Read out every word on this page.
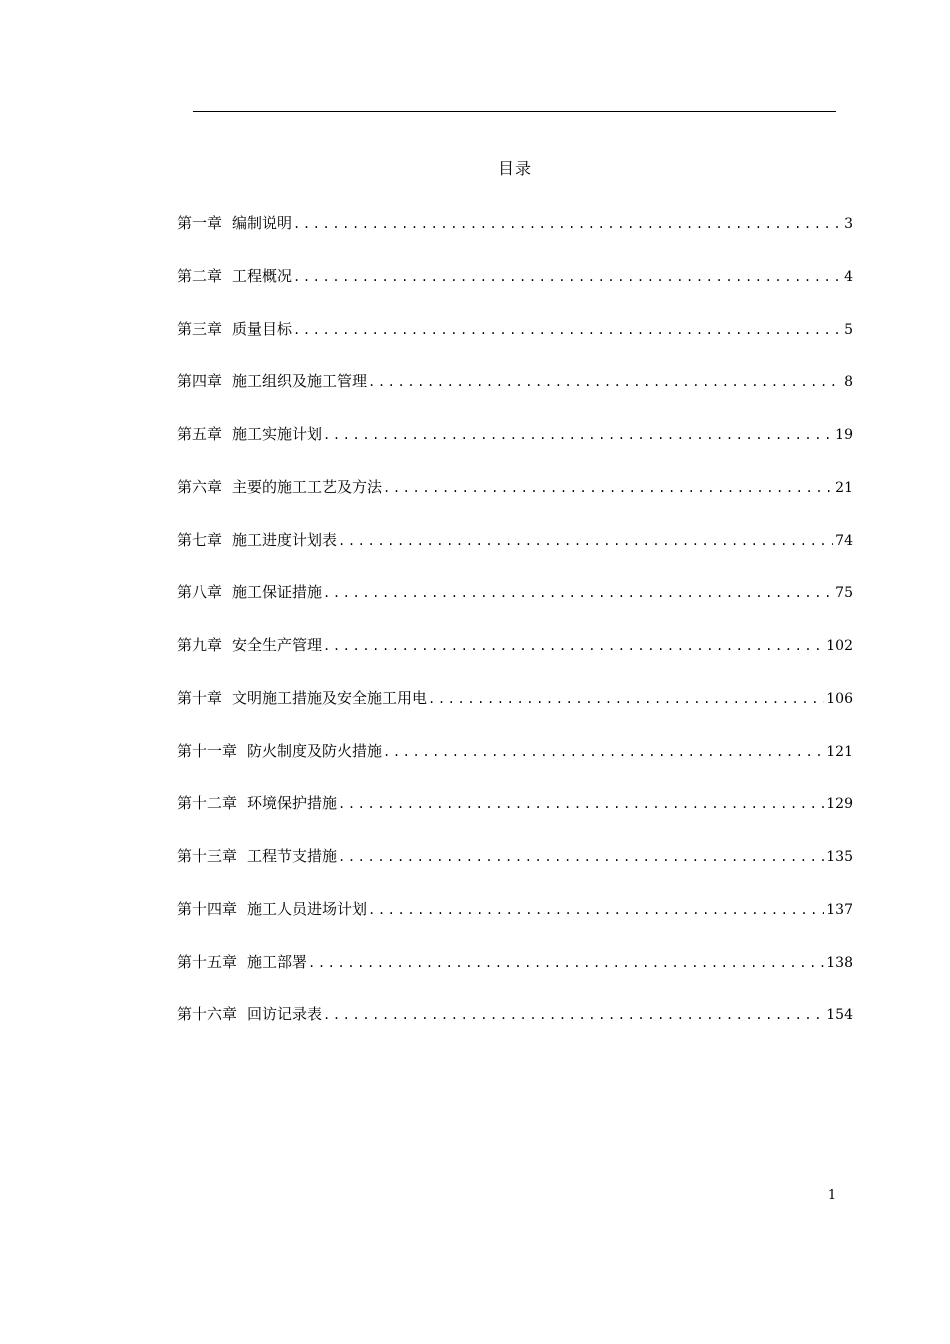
目录
第一章 编制说明 .....	3
第二章 工程概况 .....	4
第三章 质量目标 .....	5
第四章 施工组织及施工管理 .....	8
第五章 施工实施计划 .....	19
第六章 主要的施工工艺及方法 .....	21
第七章 施工进度计划表 .....	74
第八章 施工保证措施 .....	75
第九章 安全生产管理 .....	102
第十章 文明施工措施及安全施工用电 .....	106
第十一章 防火制度及防火措施 .....	121
第十二章 环境保护措施 .....	129
第十三章 工程节支措施 .....	135
第十四章 施工人员进场计划 .....	137
第十五章 施工部署 .....	138
第十六章 回访记录表 .....	154
1
